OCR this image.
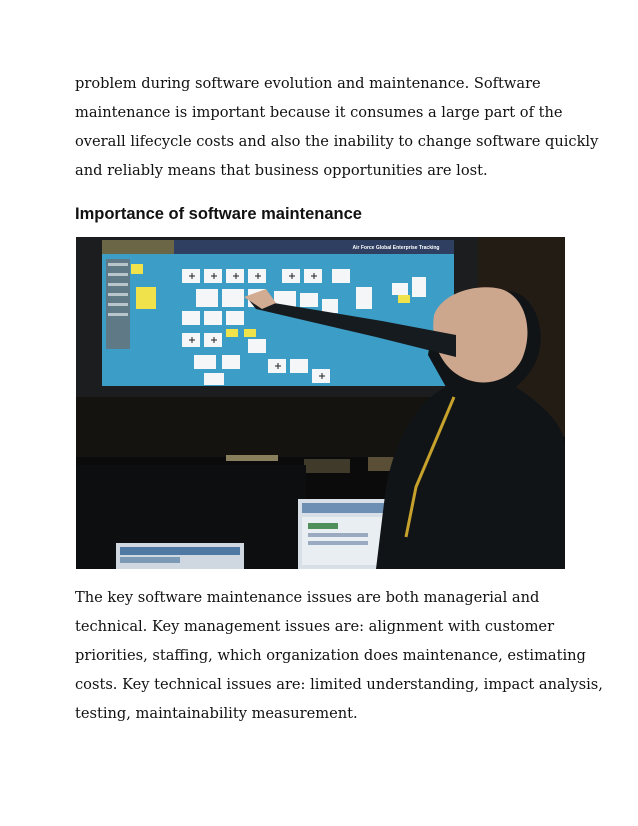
problem during software evolution and maintenance. Software
maintenance is important because it consumes a large part of the
overall lifecycle costs and also the inability to change software quickly
and reliably means that business opportunities are lost.
Importance of software maintenance
Air Force Global Enterprise Tracking
The key software maintenance issues are both managerial and
technical. Key management issues are: alignment with customer
priorities, staffing, which organization does maintenance, estimating
costs. Key technical issues are: limited understanding, impact analysis,
testing, maintainability measurement.
